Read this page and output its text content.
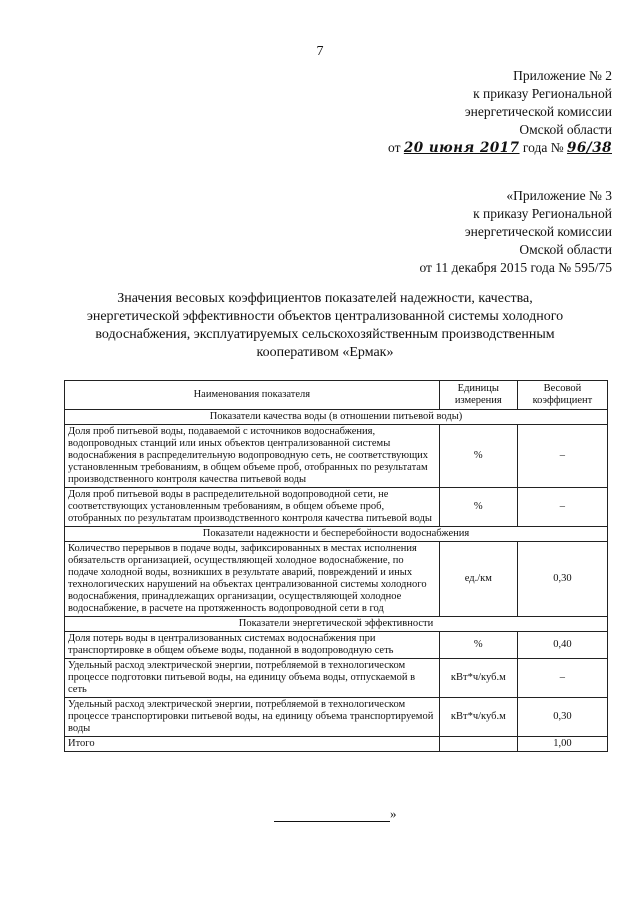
7
Приложение № 2
к приказу Региональной
энергетической комиссии
Омской области
от 20 июня 2017 года № 96/38
«Приложение № 3
к приказу Региональной
энергетической комиссии
Омской области
от 11 декабря 2015 года № 595/75
Значения весовых коэффициентов показателей надежности, качества,
энергетической эффективности объектов централизованной системы холодного
водоснабжения, эксплуатируемых сельскохозяйственным производственным
кооперативом «Ермак»
Наименования показателя	Единицы измерения	Весовой коэффициент
Показатели качества воды (в отношении питьевой воды)		
Доля проб питьевой воды, подаваемой с источников водоснабжения, водопроводных станций или иных объектов централизованной системы водоснабжения в распределительную водопроводную сеть, не соответствующих установленным требованиям, в общем объеме проб, отобранных по результатам производственного контроля качества питьевой воды	%	–
Доля проб питьевой воды в распределительной водопроводной сети, не соответствующих установленным требованиям, в общем объеме проб, отобранных по результатам производственного контроля качества питьевой воды	%	–
Показатели надежности и бесперебойности водоснабжения		
Количество перерывов в подаче воды, зафиксированных в местах исполнения обязательств организацией, осуществляющей холодное водоснабжение, по подаче холодной воды, возникших в результате аварий, повреждений и иных технологических нарушений на объектах централизованной системы холодного водоснабжения, принадлежащих организации, осуществляющей холодное водоснабжение, в расчете на протяженность водопроводной сети в год	ед./км	0,30
Показатели энергетической эффективности		
Доля потерь воды в централизованных системах водоснабжения при транспортировке в общем объеме воды, поданной в водопроводную сеть	%	0,40
Удельный расход электрической энергии, потребляемой в технологическом процессе подготовки питьевой воды, на единицу объема воды, отпускаемой в сеть	кВт*ч/куб.м	–
Удельный расход электрической энергии, потребляемой в технологическом процессе транспортировки питьевой воды, на единицу объема транспортируемой воды	кВт*ч/куб.м	0,30
Итого		1,00
»
